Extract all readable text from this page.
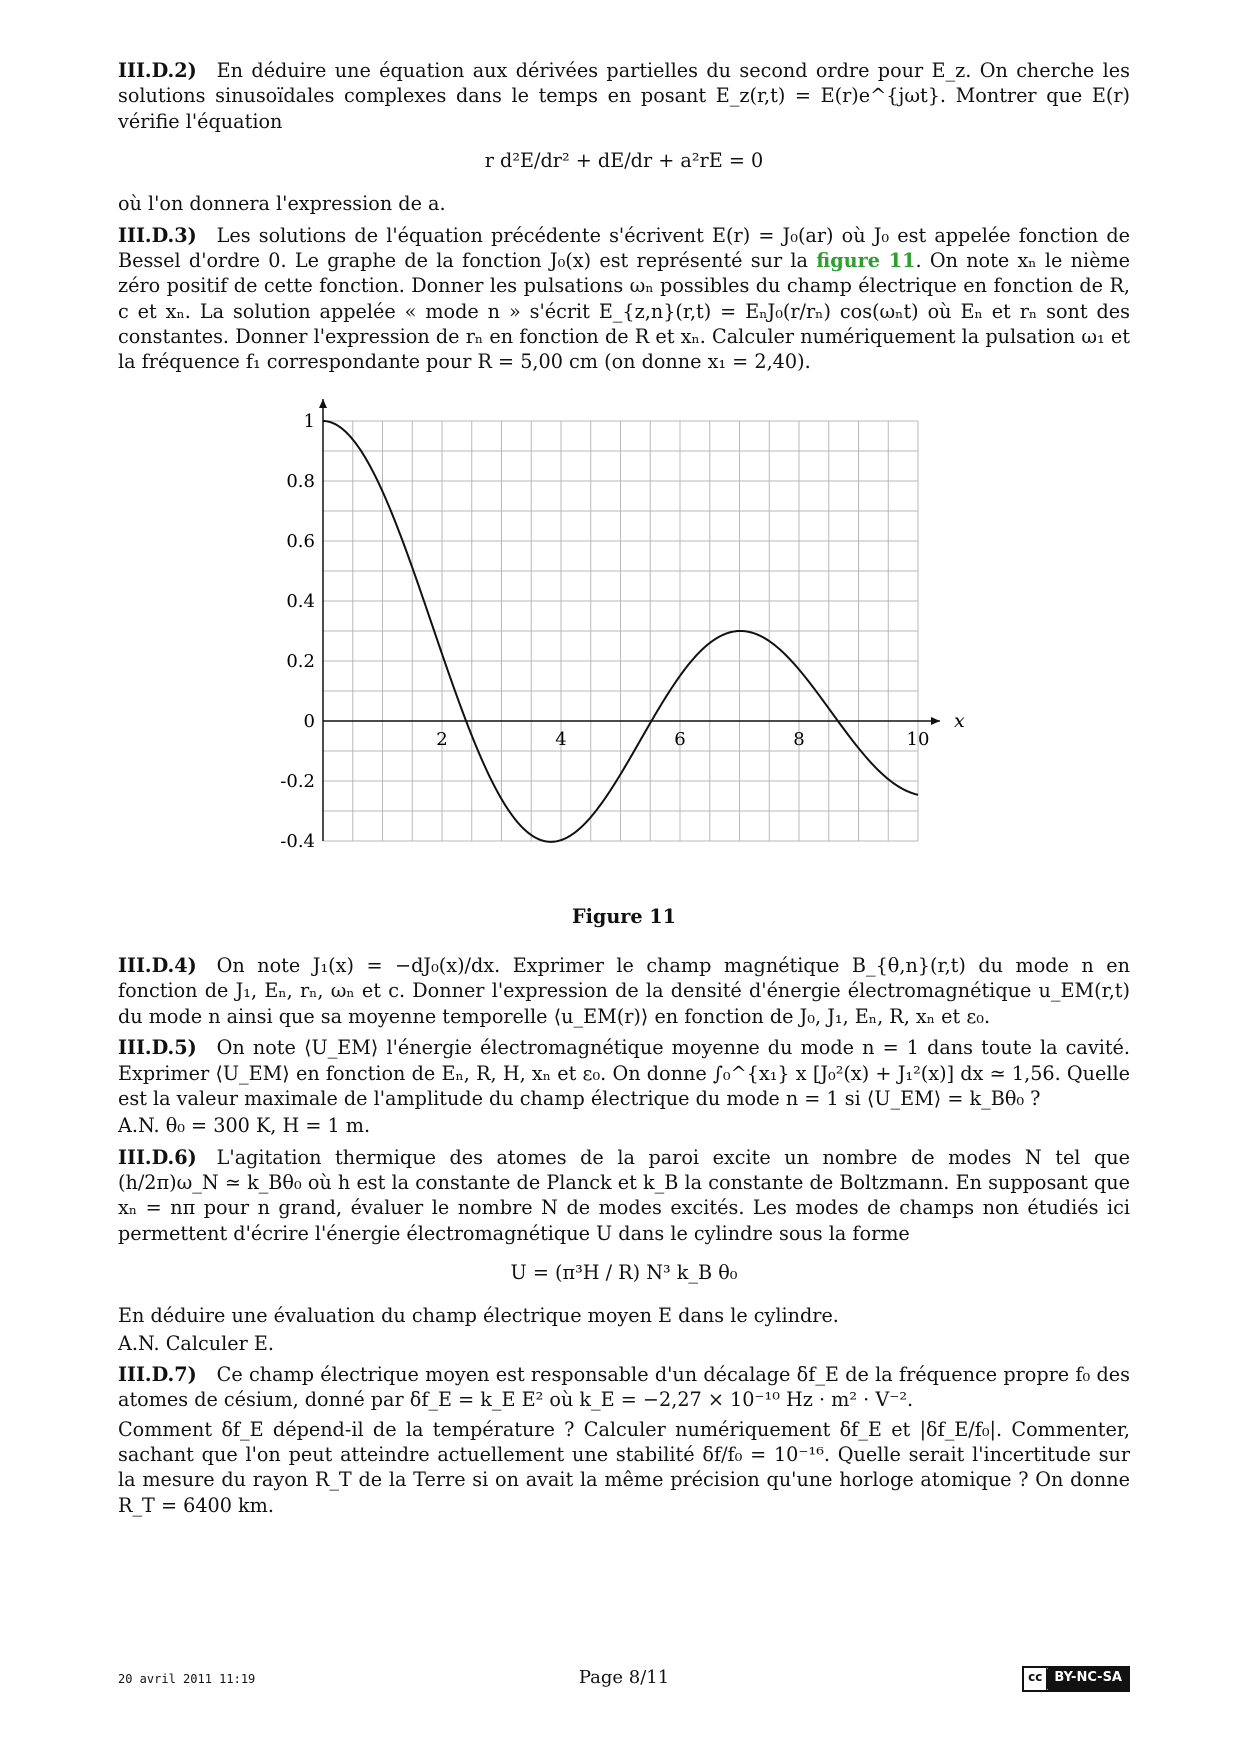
III.D.2) En déduire une équation aux dérivées partielles du second ordre pour E_z. On cherche les solutions sinusoïdales complexes dans le temps en posant E_z(r,t) = E(r)e^{jωt}. Montrer que E(r) vérifie l'équation

r d²E/dr² + dE/dr + a²rE = 0

où l'on donnera l'expression de a.

III.D.3) Les solutions de l'équation précédente s'écrivent E(r) = J₀(ar) où J₀ est appelée fonction de Bessel d'ordre 0. Le graphe de la fonction J₀(x) est représenté sur la figure 11. On note xₙ le nième zéro positif de cette fonction. Donner les pulsations ωₙ possibles du champ électrique en fonction de R, c et xₙ. La solution appelée « mode n » s'écrit E_{z,n}(r,t) = EₙJ₀(r/rₙ) cos(ωₙt) où Eₙ et rₙ sont des constantes. Donner l'expression de rₙ en fonction de R et xₙ. Calculer numériquement la pulsation ω₁ et la fréquence f₁ correspondante pour R = 5,00 cm (on donne x₁ = 2,40).

x
2	4	6	8	10
1
0.8
0.6
0.4
0.2
0
-0.2
-0.4
Figure 11

III.D.4) On note J₁(x) = −dJ₀(x)/dx. Exprimer le champ magnétique B_{θ,n}(r,t) du mode n en fonction de J₁, Eₙ, rₙ, ωₙ et c. Donner l'expression de la densité d'énergie électromagnétique u_EM(r,t) du mode n ainsi que sa moyenne temporelle ⟨u_EM(r)⟩ en fonction de J₀, J₁, Eₙ, R, xₙ et ε₀.

III.D.5) On note ⟨U_EM⟩ l'énergie électromagnétique moyenne du mode n = 1 dans toute la cavité. Exprimer ⟨U_EM⟩ en fonction de Eₙ, R, H, xₙ et ε₀. On donne ∫₀^{x₁} x [J₀²(x) + J₁²(x)] dx ≃ 1,56. Quelle est la valeur maximale de l'amplitude du champ électrique du mode n = 1 si ⟨U_EM⟩ = k_Bθ₀ ?

A.N. θ₀ = 300 K, H = 1 m.

III.D.6) L'agitation thermique des atomes de la paroi excite un nombre de modes N tel que (h/2π)ω_N ≃ k_Bθ₀ où h est la constante de Planck et k_B la constante de Boltzmann. En supposant que xₙ = nπ pour n grand, évaluer le nombre N de modes excités. Les modes de champs non étudiés ici permettent d'écrire l'énergie électromagnétique U dans le cylindre sous la forme

U = (π³H / R) N³ k_B θ₀

En déduire une évaluation du champ électrique moyen E dans le cylindre.

A.N. Calculer E.

III.D.7) Ce champ électrique moyen est responsable d'un décalage δf_E de la fréquence propre f₀ des atomes de césium, donné par δf_E = k_E E² où k_E = −2,27 × 10⁻¹⁰ Hz · m² · V⁻².

Comment δf_E dépend-il de la température ? Calculer numériquement δf_E et |δf_E/f₀|. Commenter, sachant que l'on peut atteindre actuellement une stabilité δf/f₀ = 10⁻¹⁶. Quelle serait l'incertitude sur la mesure du rayon R_T de la Terre si on avait la même précision qu'une horloge atomique ? On donne R_T = 6400 km.

20 avril 2011 11:19	Page 8/11	cc BY-NC-SA
